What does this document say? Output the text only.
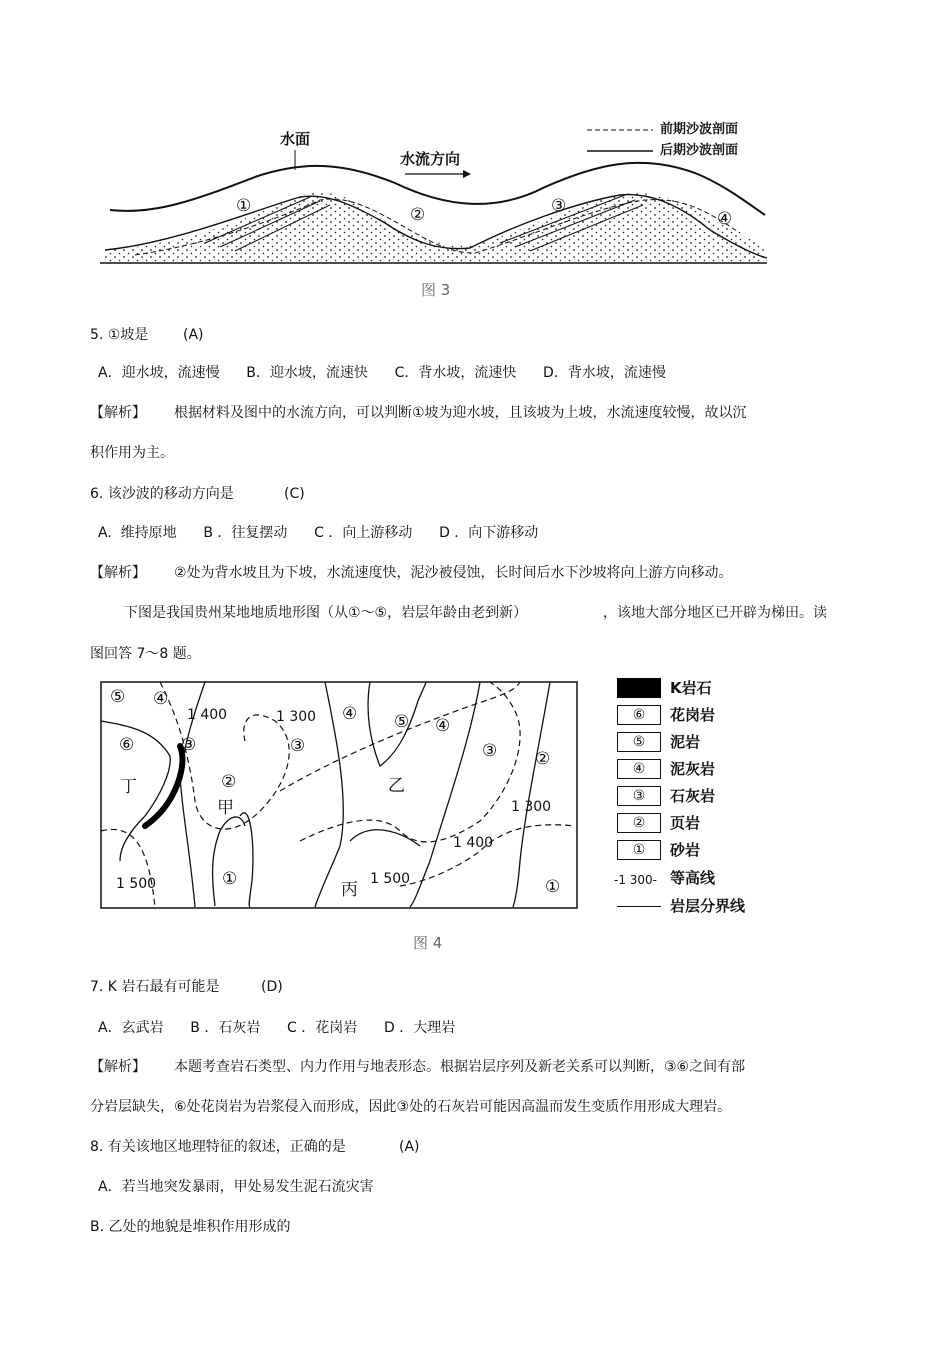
水面
水流方向
前期沙波剖面
后期沙波剖面
①	②	③
④
图 3
5. ①坡是 (A)
A．迎水坡，流速慢      B．迎水坡，流速快      C．背水坡，流速快      D．背水坡，流速慢
【解析】 根据材料及图中的水流方向，可以判断①坡为迎水坡，且该坡为上坡，水流速度较慢，故以沉
积作用为主。
6. 该沙波的移动方向是	(C)
A.  维持原地      B ．往复摆动      C ．向上游移动      D ．向下游移动
【解析】 ②处为背水坡且为下坡，水流速度快，泥沙被侵蚀，长时间后水下沙坡将向上游方向移动。
下图是我国贵州某地地质地形图（从①～⑤，岩层年龄由老到新）	，该地大部分地区已开辟为梯田。读
图回答 7～8 题。
⑤ ④
⑥	③
②
③
④ ⑤ ④
③ ②
①	①
1 400	1 300
1 300
1 400
1 500	1 500
丁
甲
乙
丙
K岩石
⑥	花岗岩
⑤	泥岩
④	泥灰岩
③	石灰岩
②	页岩
①	砂岩
-1 300- 等高线
岩层分界线
图 4
7. K 岩石最有可能是	(D)
A．玄武岩      B ．石灰岩      C ．花岗岩      D ．大理岩
【解析】 本题考查岩石类型、内力作用与地表形态。根据岩层序列及新老关系可以判断，③⑥之间有部
分岩层缺失，⑥处花岗岩为岩浆侵入而形成，因此③处的石灰岩可能因高温而发生变质作用形成大理岩。
8. 有关该地区地理特征的叙述，正确的是	(A)
A．若当地突发暴雨，甲处易发生泥石流灾害
B. 乙处的地貌是堆积作用形成的
